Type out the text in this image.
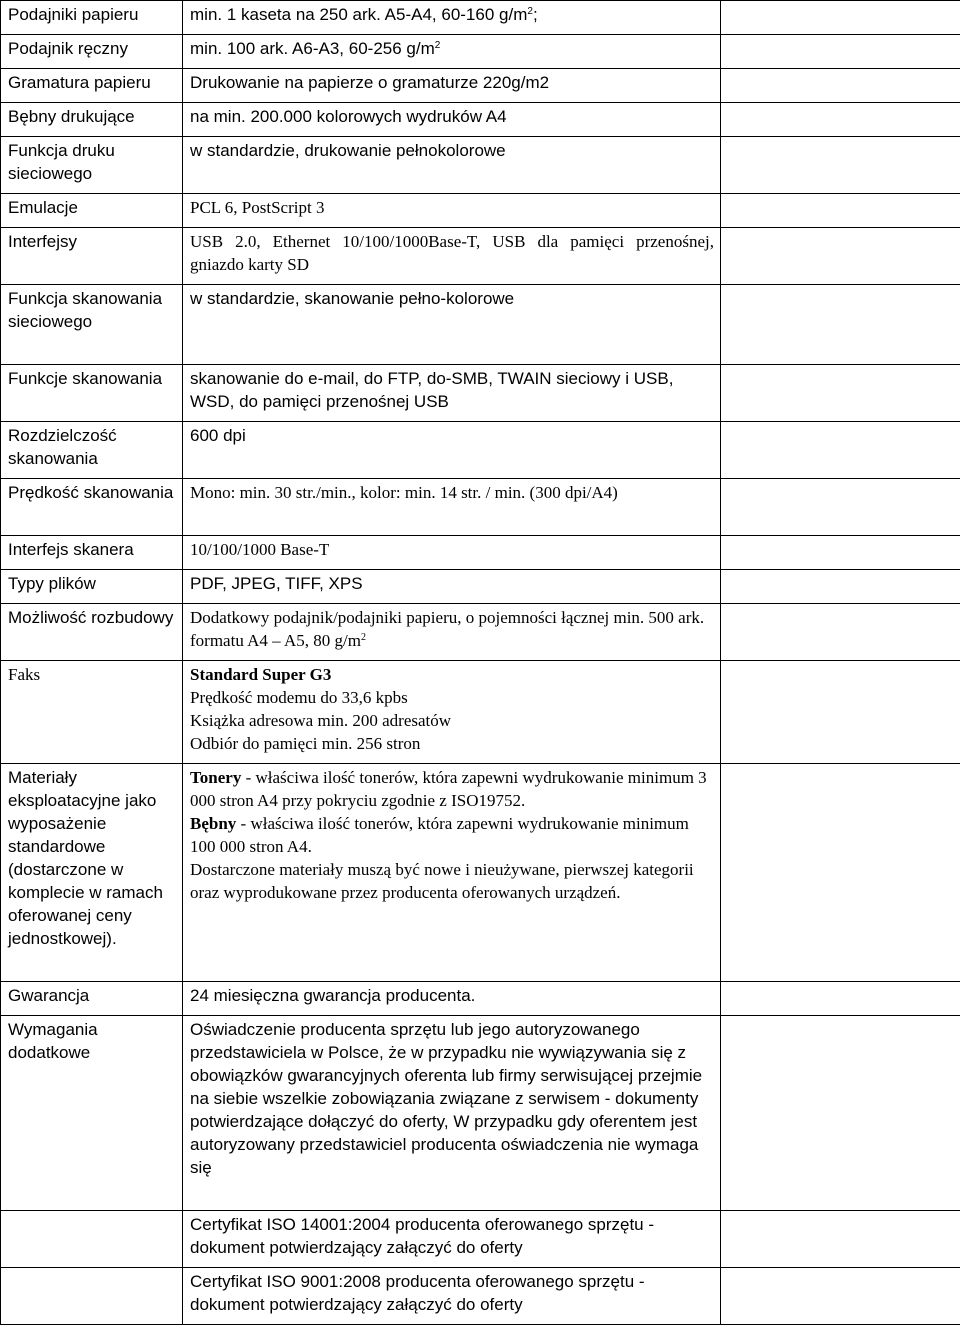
Podajniki papieru	min. 1 kaseta na 250 ark. A5-A4, 60-160 $g/m^2$;	
Podajnik ręczny	min. 100 ark. A6-A3, 60-256 $g/m^2$	
Gramatura papieru	Drukowanie na papierze o gramaturze 220g/m2	
Bębny drukujące	na min. 200.000 kolorowych wydruków A4	
Funkcja druku sieciowego	w standardzie, drukowanie pełnokolorowe	
Emulacje	PCL 6, PostScript 3	
Interfejsy	USB 2.0, Ethernet 10/100/1000Base-T, USB dla pamięci przenośnej, gniazdo karty SD	
Funkcja skanowania sieciowego	w standardzie, skanowanie pełno-kolorowe	
Funkcje skanowania	skanowanie do e-mail, do FTP, do-SMB, TWAIN sieciowy i USB, WSD, do pamięci przenośnej USB	
Rozdzielczość skanowania	600 dpi	
Prędkość skanowania	Mono: min. 30 str./min., kolor: min. 14 str. / min. (300 dpi/A4)	
Interfejs skanera	10/100/1000 Base-T	
Typy plików	PDF, JPEG, TIFF, XPS	
Możliwość rozbudowy	Dodatkowy podajnik/podajniki papieru, o pojemności łącznej min. 500 ark. formatu A4 – A5, 80 $g/m^2$	
Faks	Standard Super G3
Prędkość modemu do 33,6 kpbs
Książka adresowa min. 200 adresatów
Odbiór do pamięci min. 256 stron	

Materiały eksploatacyjne jako wyposażenie standardowe (dostarczone w komplecie w ramach oferowanej ceny jednostkowej).	Tonery - właściwa ilość tonerów, która zapewni wydrukowanie minimum 3 000 stron A4 przy pokryciu zgodnie z ISO19752.
Bębny - właściwa ilość tonerów, która zapewni wydrukowanie minimum 100 000 stron A4.
Dostarczone materiały muszą być nowe i nieużywane, pierwszej kategorii oraz wyprodukowane przez producenta oferowanych urządzeń.	

Gwarancja	24 miesięczna gwarancja producenta.	
Wymagania dodatkowe	Oświadczenie producenta sprzętu lub jego autoryzowanego przedstawiciela w Polsce, że w przypadku nie wywiązywania się z obowiązków gwarancyjnych oferenta lub firmy serwisującej przejmie na siebie wszelkie zobowiązania związane z serwisem - dokumenty potwierdzające dołączyć do oferty, W przypadku gdy oferentem jest autoryzowany przedstawiciel producenta oświadczenia nie wymaga się	
	Certyfikat ISO 14001:2004 producenta oferowanego sprzętu - dokument potwierdzający załączyć do oferty	
	Certyfikat ISO 9001:2008 producenta oferowanego sprzętu - dokument potwierdzający załączyć do oferty	
